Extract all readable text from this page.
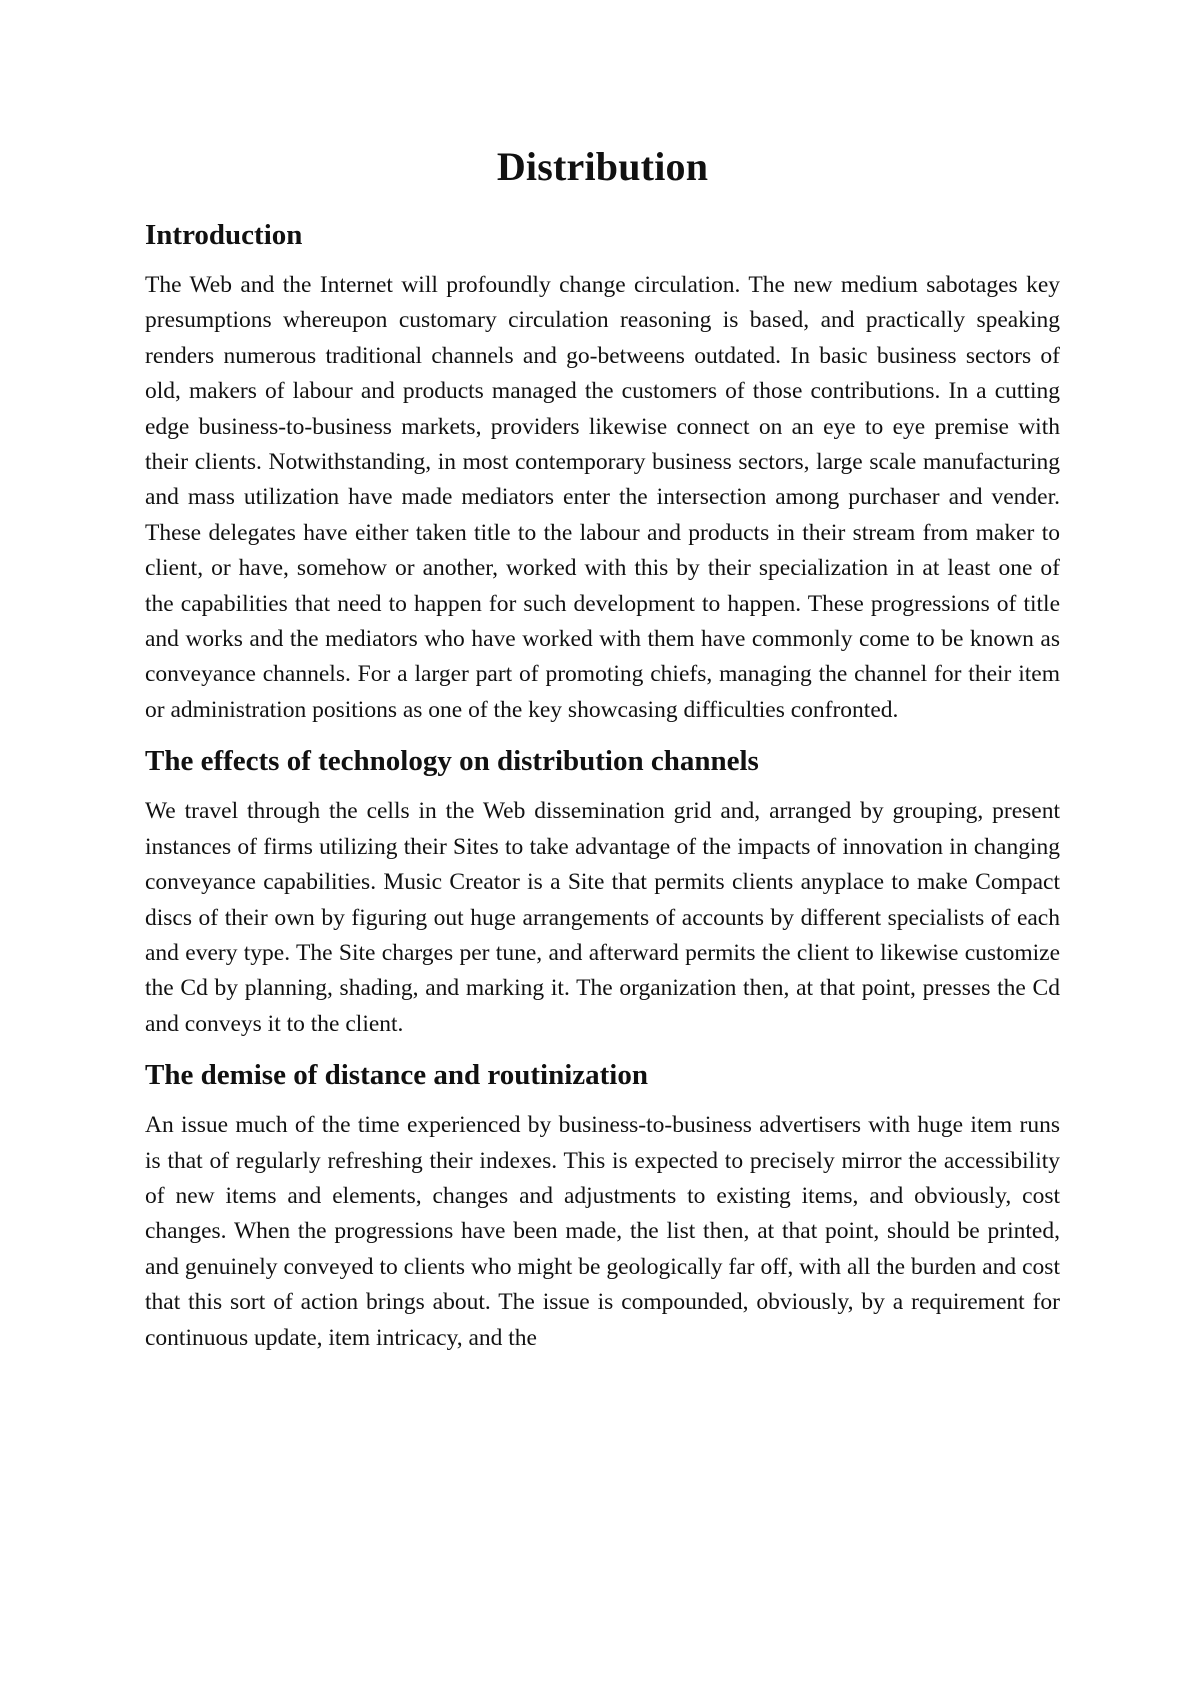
Distribution
Introduction

The Web and the Internet will profoundly change circulation. The new medium sabotages key presumptions whereupon customary circulation reasoning is based, and practically speaking renders numerous traditional channels and go-betweens outdated. In basic business sectors of old, makers of labour and products managed the customers of those contributions. In a cutting edge business-to-business markets, providers likewise connect on an eye to eye premise with their clients. Notwithstanding, in most contemporary business sectors, large scale manufacturing and mass utilization have made mediators enter the intersection among purchaser and vender. These delegates have either taken title to the labour and products in their stream from maker to client, or have, somehow or another, worked with this by their specialization in at least one of the capabilities that need to happen for such development to happen. These progressions of title and works and the mediators who have worked with them have commonly come to be known as conveyance channels. For a larger part of promoting chiefs, managing the channel for their item or administration positions as one of the key showcasing difficulties confronted.

The effects of technology on distribution channels

We travel through the cells in the Web dissemination grid and, arranged by grouping, present instances of firms utilizing their Sites to take advantage of the impacts of innovation in changing conveyance capabilities. Music Creator is a Site that permits clients anyplace to make Compact discs of their own by figuring out huge arrangements of accounts by different specialists of each and every type. The Site charges per tune, and afterward permits the client to likewise customize the Cd by planning, shading, and marking it. The organization then, at that point, presses the Cd and conveys it to the client.

The demise of distance and routinization

An issue much of the time experienced by business-to-business advertisers with huge item runs is that of regularly refreshing their indexes. This is expected to precisely mirror the accessibility of new items and elements, changes and adjustments to existing items, and obviously, cost changes. When the progressions have been made, the list then, at that point, should be printed, and genuinely conveyed to clients who might be geologically far off, with all the burden and cost that this sort of action brings about. The issue is compounded, obviously, by a requirement for continuous update, item intricacy, and the
